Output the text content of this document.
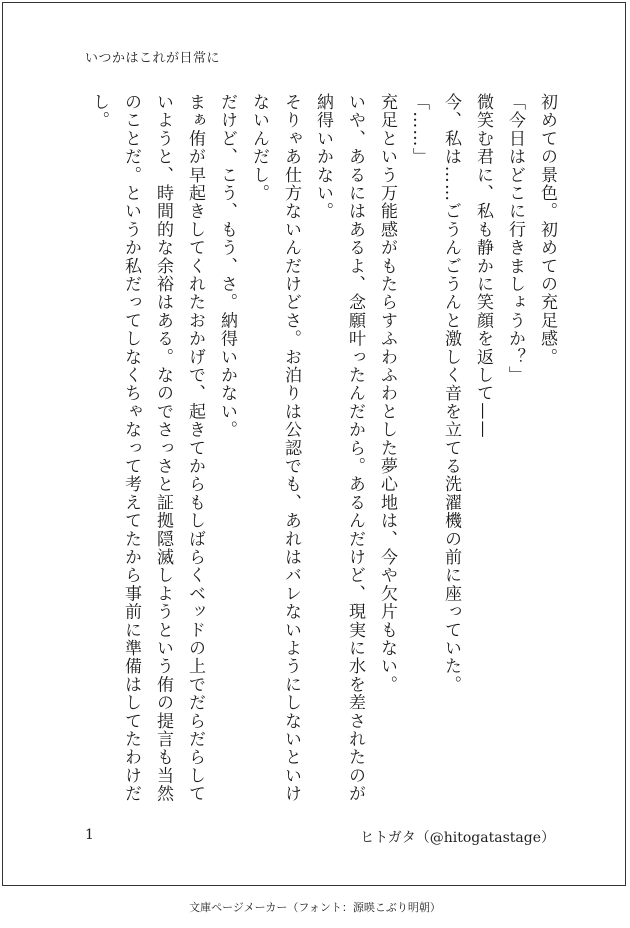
いつかはこれが日常に

初めての景色。初めての充足感。

「今日はどこに行きましょうか？」

微笑む君に、私も静かに笑顔を返して——

今、私は……ごうんごうんと激しく音を立てる洗濯機の前に座っていた。

「……」

充足という万能感がもたらすふわふわとした夢心地は、今や欠片もない。

いや、あるにはあるよ、念願叶ったんだから。あるんだけど、現実に水を差されたのが納得いかない。

そりゃあ仕方ないんだけどさ。お泊りは公認でも、あれはバレないようにしないといけないんだし。

だけど、こう、もう、さ。納得いかない。

まぁ侑が早起きしてくれたおかげで、起きてからもしばらくベッドの上でだらだらしていようと、時間的な余裕はある。なのでさっさと証拠隠滅しようという侑の提言も当然のことだ。というか私だってしなくちゃなって考えてたから事前に準備はしてたわけだし。

1	ヒトガタ（@hitogatastage）
文庫ページメーカー（フォント：源暎こぶり明朝）
